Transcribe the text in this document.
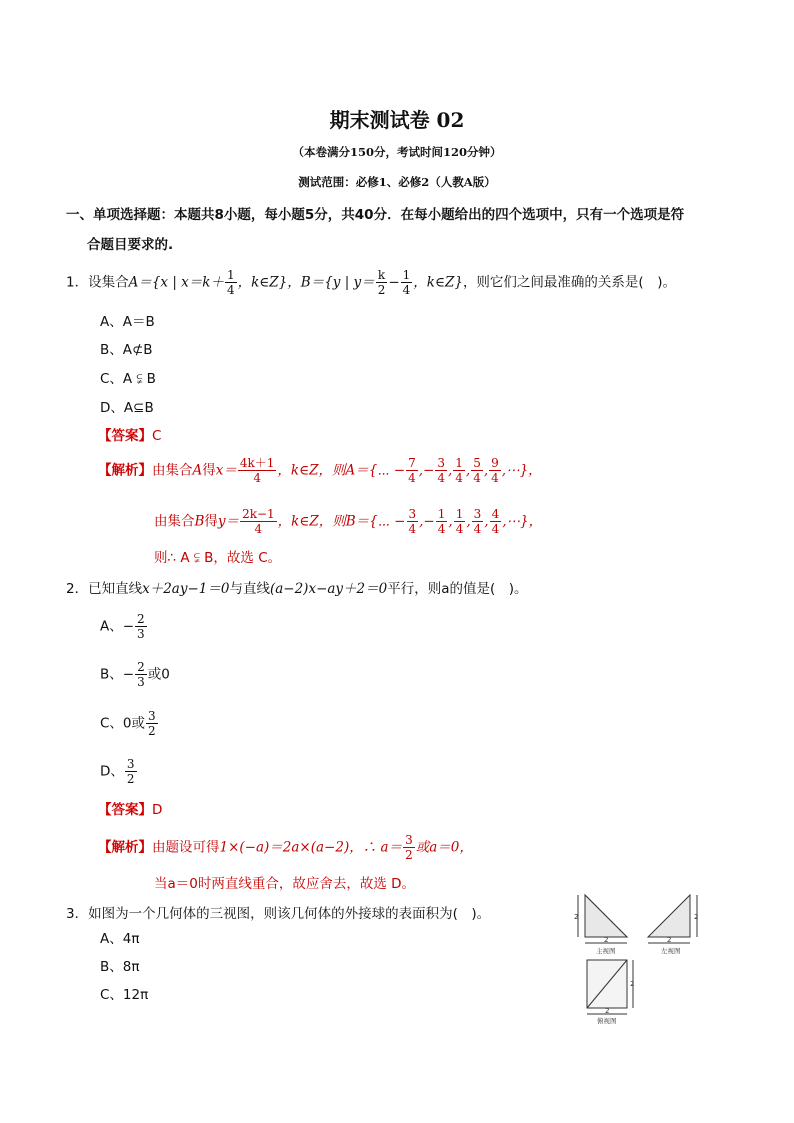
期末测试卷 02
（本卷满分150分，考试时间120分钟）
测试范围：必修1、必修2（人教A版）
一、单项选择题：本题共8小题，每小题5分，共40分．在每小题给出的四个选项中，只有一个选项是符
合题目要求的.
1．设集合A＝{x | $x=k+ \frac{1}{4}$ ，k∈Z}，B＝{y | $y= \frac{k}{2} - \frac{1}{4}$ ，k∈Z}，则它们之间最准确的关系是(　)。
A、A＝B
B、A⊄B
C、A ⫋ B
D、A⊆B
【答案】C
【解析】由集合A得$x= \frac{4k+1}{4}$ ，k∈Z，则A＝{⋯ − $\frac{7}{4}$ ,− $\frac{3}{4}$ , $\frac{1}{4}$ , $\frac{5}{4}$ , $\frac{9}{4}$ ,⋯}，
由集合B得$y= \frac{2k-1}{4}$ ，k∈Z，则B＝{⋯ − $\frac{3}{4}$ ,− $\frac{1}{4}$ , $\frac{1}{4}$ , $\frac{3}{4}$ , $\frac{4}{4}$ ,⋯}，
则∴ A ⫋ B，故选 C。
2．已知直线x＋2ay−1＝0与直线(a−2)x−ay＋2＝0平行，则a的值是(　)。
A、− $\frac{2}{3}$
B、− $\frac{2}{3}$ 或0
C、0或 $\frac{3}{2}$
D、 $\frac{3}{2}$
【答案】D
【解析】由题设可得1×(−a)＝2a×(a−2)，∴ $a= \frac{3}{2}$ 或a＝0，
当a＝0时两直线重合，故应舍去，故选 D。
3．如图为一个几何体的三视图，则该几何体的外接球的表面积为(　)。
A、4π
B、8π
C、12π
2
2
主视图
2
2
左视图
2
2
俯视图
